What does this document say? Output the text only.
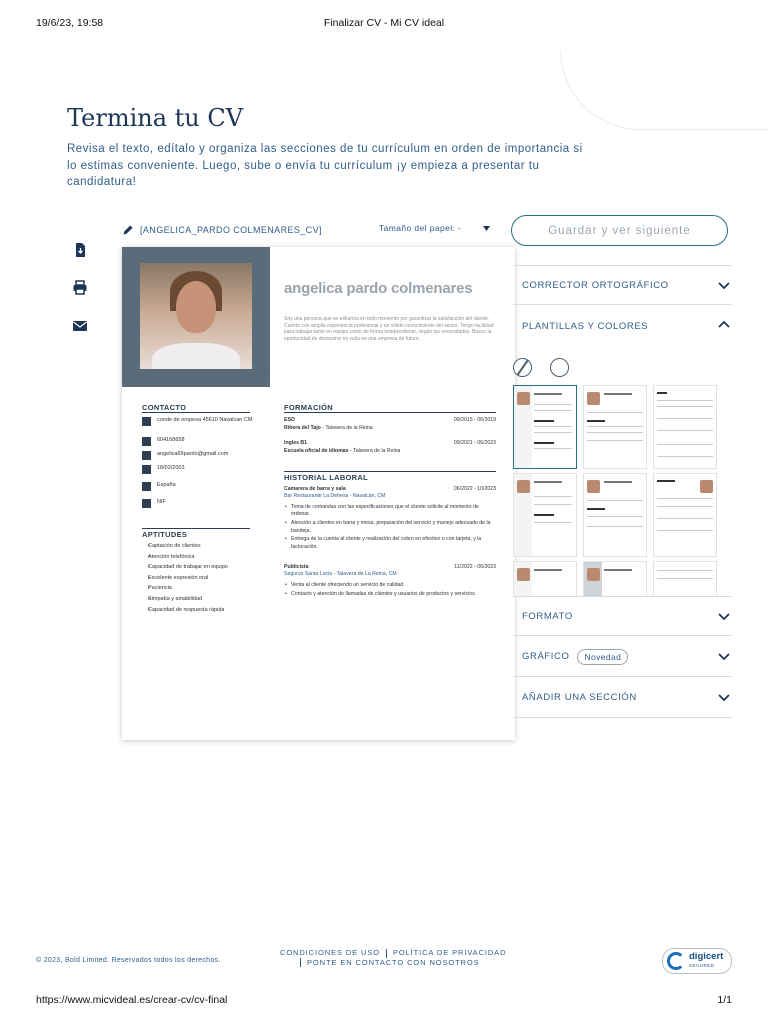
19/6/23, 19:58	Finalizar CV - Mi CV ideal
Termina tu CV

Revisa el texto, edítalo y organiza las secciones de tu currículum en orden de importancia si lo estimas conveniente. Luego, sube o envía tu currículum ¡y empieza a presentar tu candidatura!

[ANGELICA_PARDO COLMENARES_CV]	Tamaño del papel: -	Guardar y ver siguiente
angelica pardo colmenares
Soy una persona que se esfuerza en todo momento por garantizar la satisfacción del cliente. Cuento con amplia experiencia profesional y un sólido conocimiento del sector. Tengo facilidad para trabajar tanto en equipo como de forma independiente, según las necesidades. Busco la oportunidad de demostrar mi valía en una empresa de futuro.
CONTACTO
conde de oropesa 45610 Navalcan CM
604168658
angelica69pardo@gmail.com
18/02/2003
España
NIF
APTITUDES
• Captación de clientes
• Atención telefónica
• Capacidad de trabajar en equipo
• Excelente expresión oral
• Paciencia
• Simpatía y amabilidad
• Capacidad de respuesta rápida
FORMACIÓN
ESO	09/2015 - 06/2019
Ribera del Tajo - Talavera de la Reina
Ingles B1	09/2021 - 06/2023
Escuela oficial de idiomas - Talavera de la Reina
HISTORIAL LABORAL
Camarera de barra y sala	06/2022 - 10/2023
Bar Restaurante La Dehesa - Navalcán, CM
• Toma de comandas con las especificaciones que el cliente solicite al momento de ordenar.
• Atención a clientes en barra y mesa, preparación del servicio y manejo adecuado de la bandeja.
• Entrega de la cuenta al cliente y realización del cobro en efectivo o con tarjeta, y la facturación.
Publicista	11/2022 - 06/2023
Seguros Santa Lucia - Talavera de La Reina, CM
• Venta al cliente ofreciendo un servicio de calidad.
• Contacto y atención de llamadas de clientes y usuarios de productos y servicios.
CORRECTOR ORTOGRÁFICO
PLANTILLAS Y COLORES
FORMATO
GRÁFICO	Novedad
AÑADIR UNA SECCIÓN
© 2023, Bold Limited. Reservados todos los derechos.
CONDICIONES DE USO POLÍTICA DE PRIVACIDAD
PONTE EN CONTACTO CON NOSOTROS
digicert
SECURED
https://www.micvideal.es/crear-cv/cv-final	1/1
